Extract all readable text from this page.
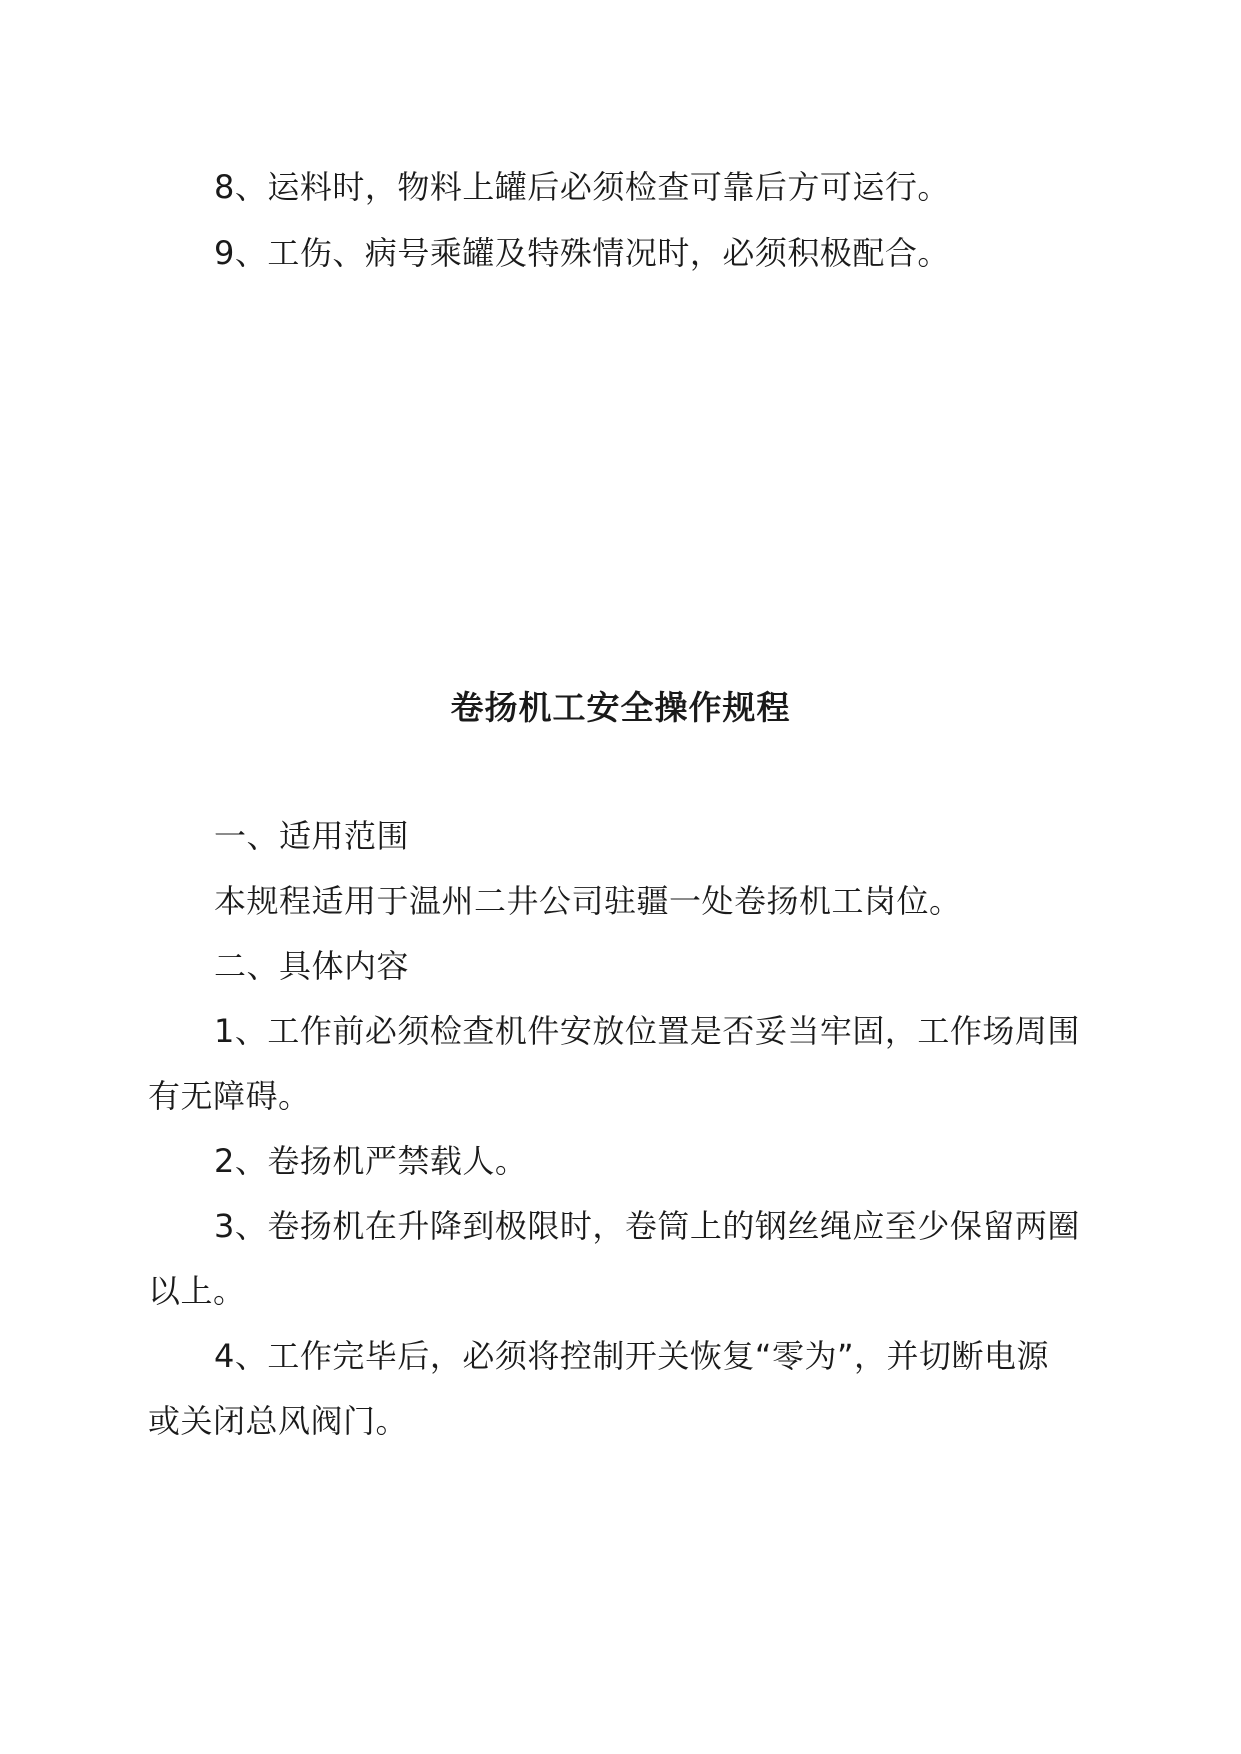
8、运料时，物料上罐后必须检查可靠后方可运行。
9、工伤、病号乘罐及特殊情况时，必须积极配合。
卷扬机工安全操作规程
一、适用范围
本规程适用于温州二井公司驻疆一处卷扬机工岗位。
二、具体内容
1、工作前必须检查机件安放位置是否妥当牢固，工作场周围
有无障碍。
2、卷扬机严禁载人。
3、卷扬机在升降到极限时，卷筒上的钢丝绳应至少保留两圈
以上。
4、工作完毕后，必须将控制开关恢复“零为”，并切断电源
或关闭总风阀门。
